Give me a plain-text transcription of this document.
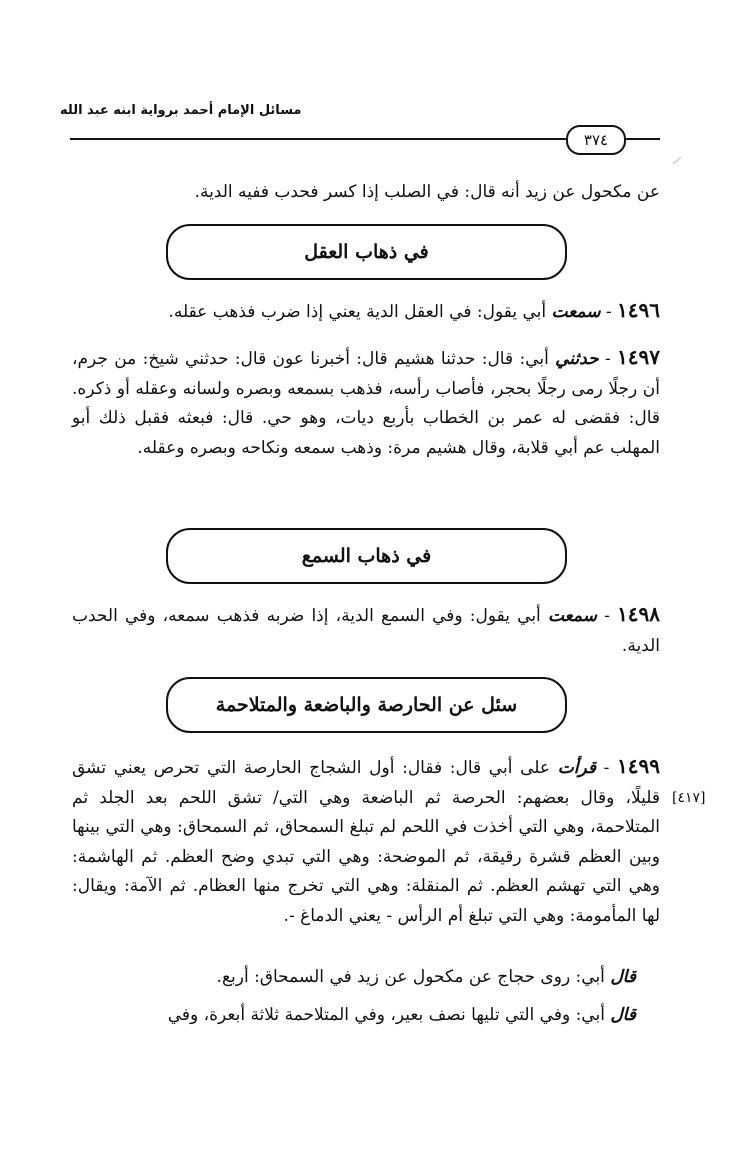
مسائل الإمام أحمد برواية ابنه عبد الله
٣٧٤
عن مكحول عن زيد أنه قال: في الصلب إذا كسر فحدب ففيه الدية.
في ذهاب العقل
١٤٩٦ - سمعت أبي يقول: في العقل الدية يعني إذا ضرب فذهب عقله.
١٤٩٧ - حدثني أبي: قال: حدثنا هشيم قال: أخبرنا عون قال: حدثني شيخ: من جرم، أن رجلًا رمى رجلًا بحجر، فأصاب رأسه، فذهب بسمعه وبصره ولسانه وعقله أو ذكره. قال: فقضى له عمر بن الخطاب بأربع ديات، وهو حي. قال: فبعثه فقبل ذلك أبو المهلب عم أبي قلابة، وقال هشيم مرة: وذهب سمعه ونكاحه وبصره وعقله.
في ذهاب السمع
١٤٩٨ - سمعت أبي يقول: وفي السمع الدية، إذا ضربه فذهب سمعه، وفي الحدب الدية.
سئل عن الحارصة والباضعة والمتلاحمة
١٤٩٩ - قرأت على أبي قال: فقال: أول الشجاج الحارصة التي تحرص يعني تشق قليلًا، وقال بعضهم: الحرصة ثم الباضعة وهي التي/ تشق اللحم بعد الجلد ثم المتلاحمة، وهي التي أخذت في اللحم لم تبلغ السمحاق، ثم السمحاق: وهي التي بينها وبين العظم قشرة رقيقة، ثم الموضحة: وهي التي تبدي وضح العظم. ثم الهاشمة: وهي التي تهشم العظم. ثم المنقلة: وهي التي تخرج منها العظام. ثم الآمة: ويقال: لها المأمومة: وهي التي تبلغ أم الرأس - يعني الدماغ -.
[٤١٧]
قال أبي: روى حجاج عن مكحول عن زيد في السمحاق: أربع.
قال أبي: وفي التي تليها نصف بعير، وفي المتلاحمة ثلاثة أبعرة، وفي
